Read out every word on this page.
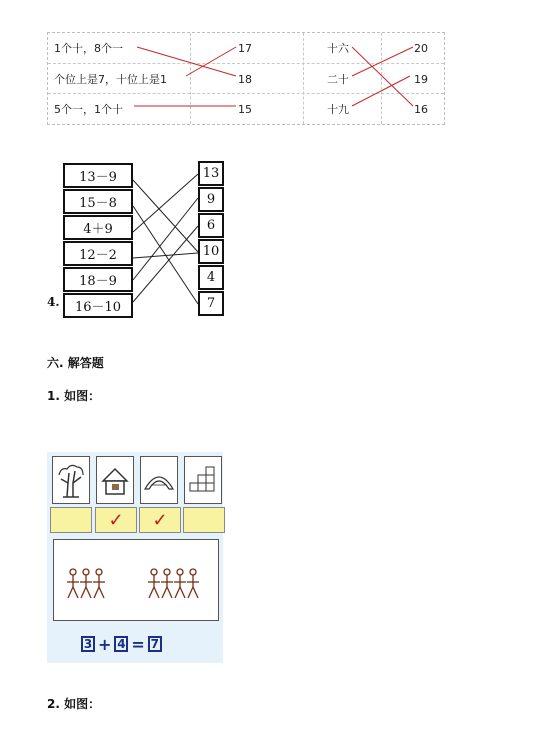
1个十，8个一	17	十六	20
个位上是7，十位上是1	18	二十	19
5个一，1个十	15	十九	16
13－9
15－8
4＋9
12－2
18－9
16－10
13
9
6
10
4
7
4.
六. 解答题
1. 如图：
✓	✓
3 + 4 = 7
2. 如图：
